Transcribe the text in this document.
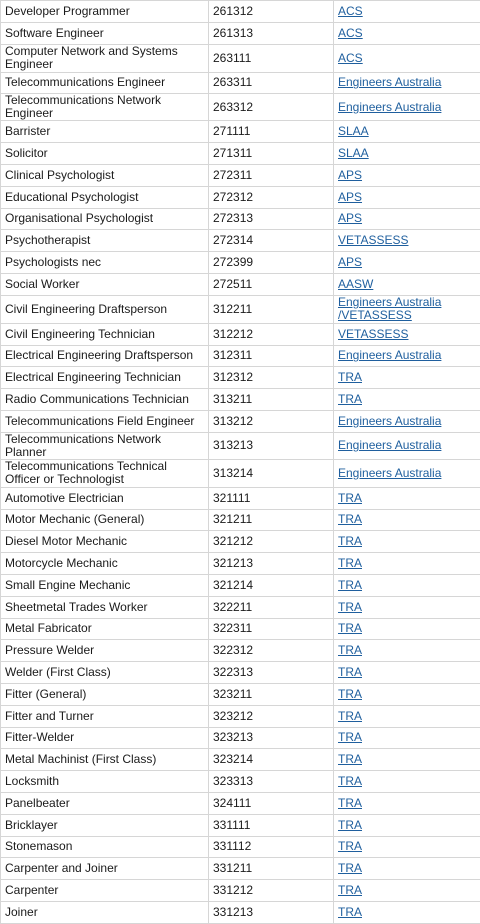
Developer Programmer	261312	ACS
Software Engineer	261313	ACS
Computer Network and Systems Engineer	263111	ACS
Telecommunications Engineer	263311	Engineers Australia
Telecommunications Network Engineer	263312	Engineers Australia
Barrister	271111	SLAA
Solicitor	271311	SLAA
Clinical Psychologist	272311	APS
Educational Psychologist	272312	APS
Organisational Psychologist	272313	APS
Psychotherapist	272314	VETASSESS
Psychologists nec	272399	APS
Social Worker	272511	AASW
Civil Engineering Draftsperson	312211	Engineers Australia /VETASSESS
Civil Engineering Technician	312212	VETASSESS
Electrical Engineering Draftsperson	312311	Engineers Australia
Electrical Engineering Technician	312312	TRA
Radio Communications Technician	313211	TRA
Telecommunications Field Engineer	313212	Engineers Australia
Telecommunications Network Planner	313213	Engineers Australia
Telecommunications Technical Officer or Technologist	313214	Engineers Australia
Automotive Electrician	321111	TRA
Motor Mechanic (General)	321211	TRA
Diesel Motor Mechanic	321212	TRA
Motorcycle Mechanic	321213	TRA
Small Engine Mechanic	321214	TRA
Sheetmetal Trades Worker	322211	TRA
Metal Fabricator	322311	TRA
Pressure Welder	322312	TRA
Welder (First Class)	322313	TRA
Fitter (General)	323211	TRA
Fitter and Turner	323212	TRA
Fitter-Welder	323213	TRA
Metal Machinist (First Class)	323214	TRA
Locksmith	323313	TRA
Panelbeater	324111	TRA
Bricklayer	331111	TRA
Stonemason	331112	TRA
Carpenter and Joiner	331211	TRA
Carpenter	331212	TRA
Joiner	331213	TRA
